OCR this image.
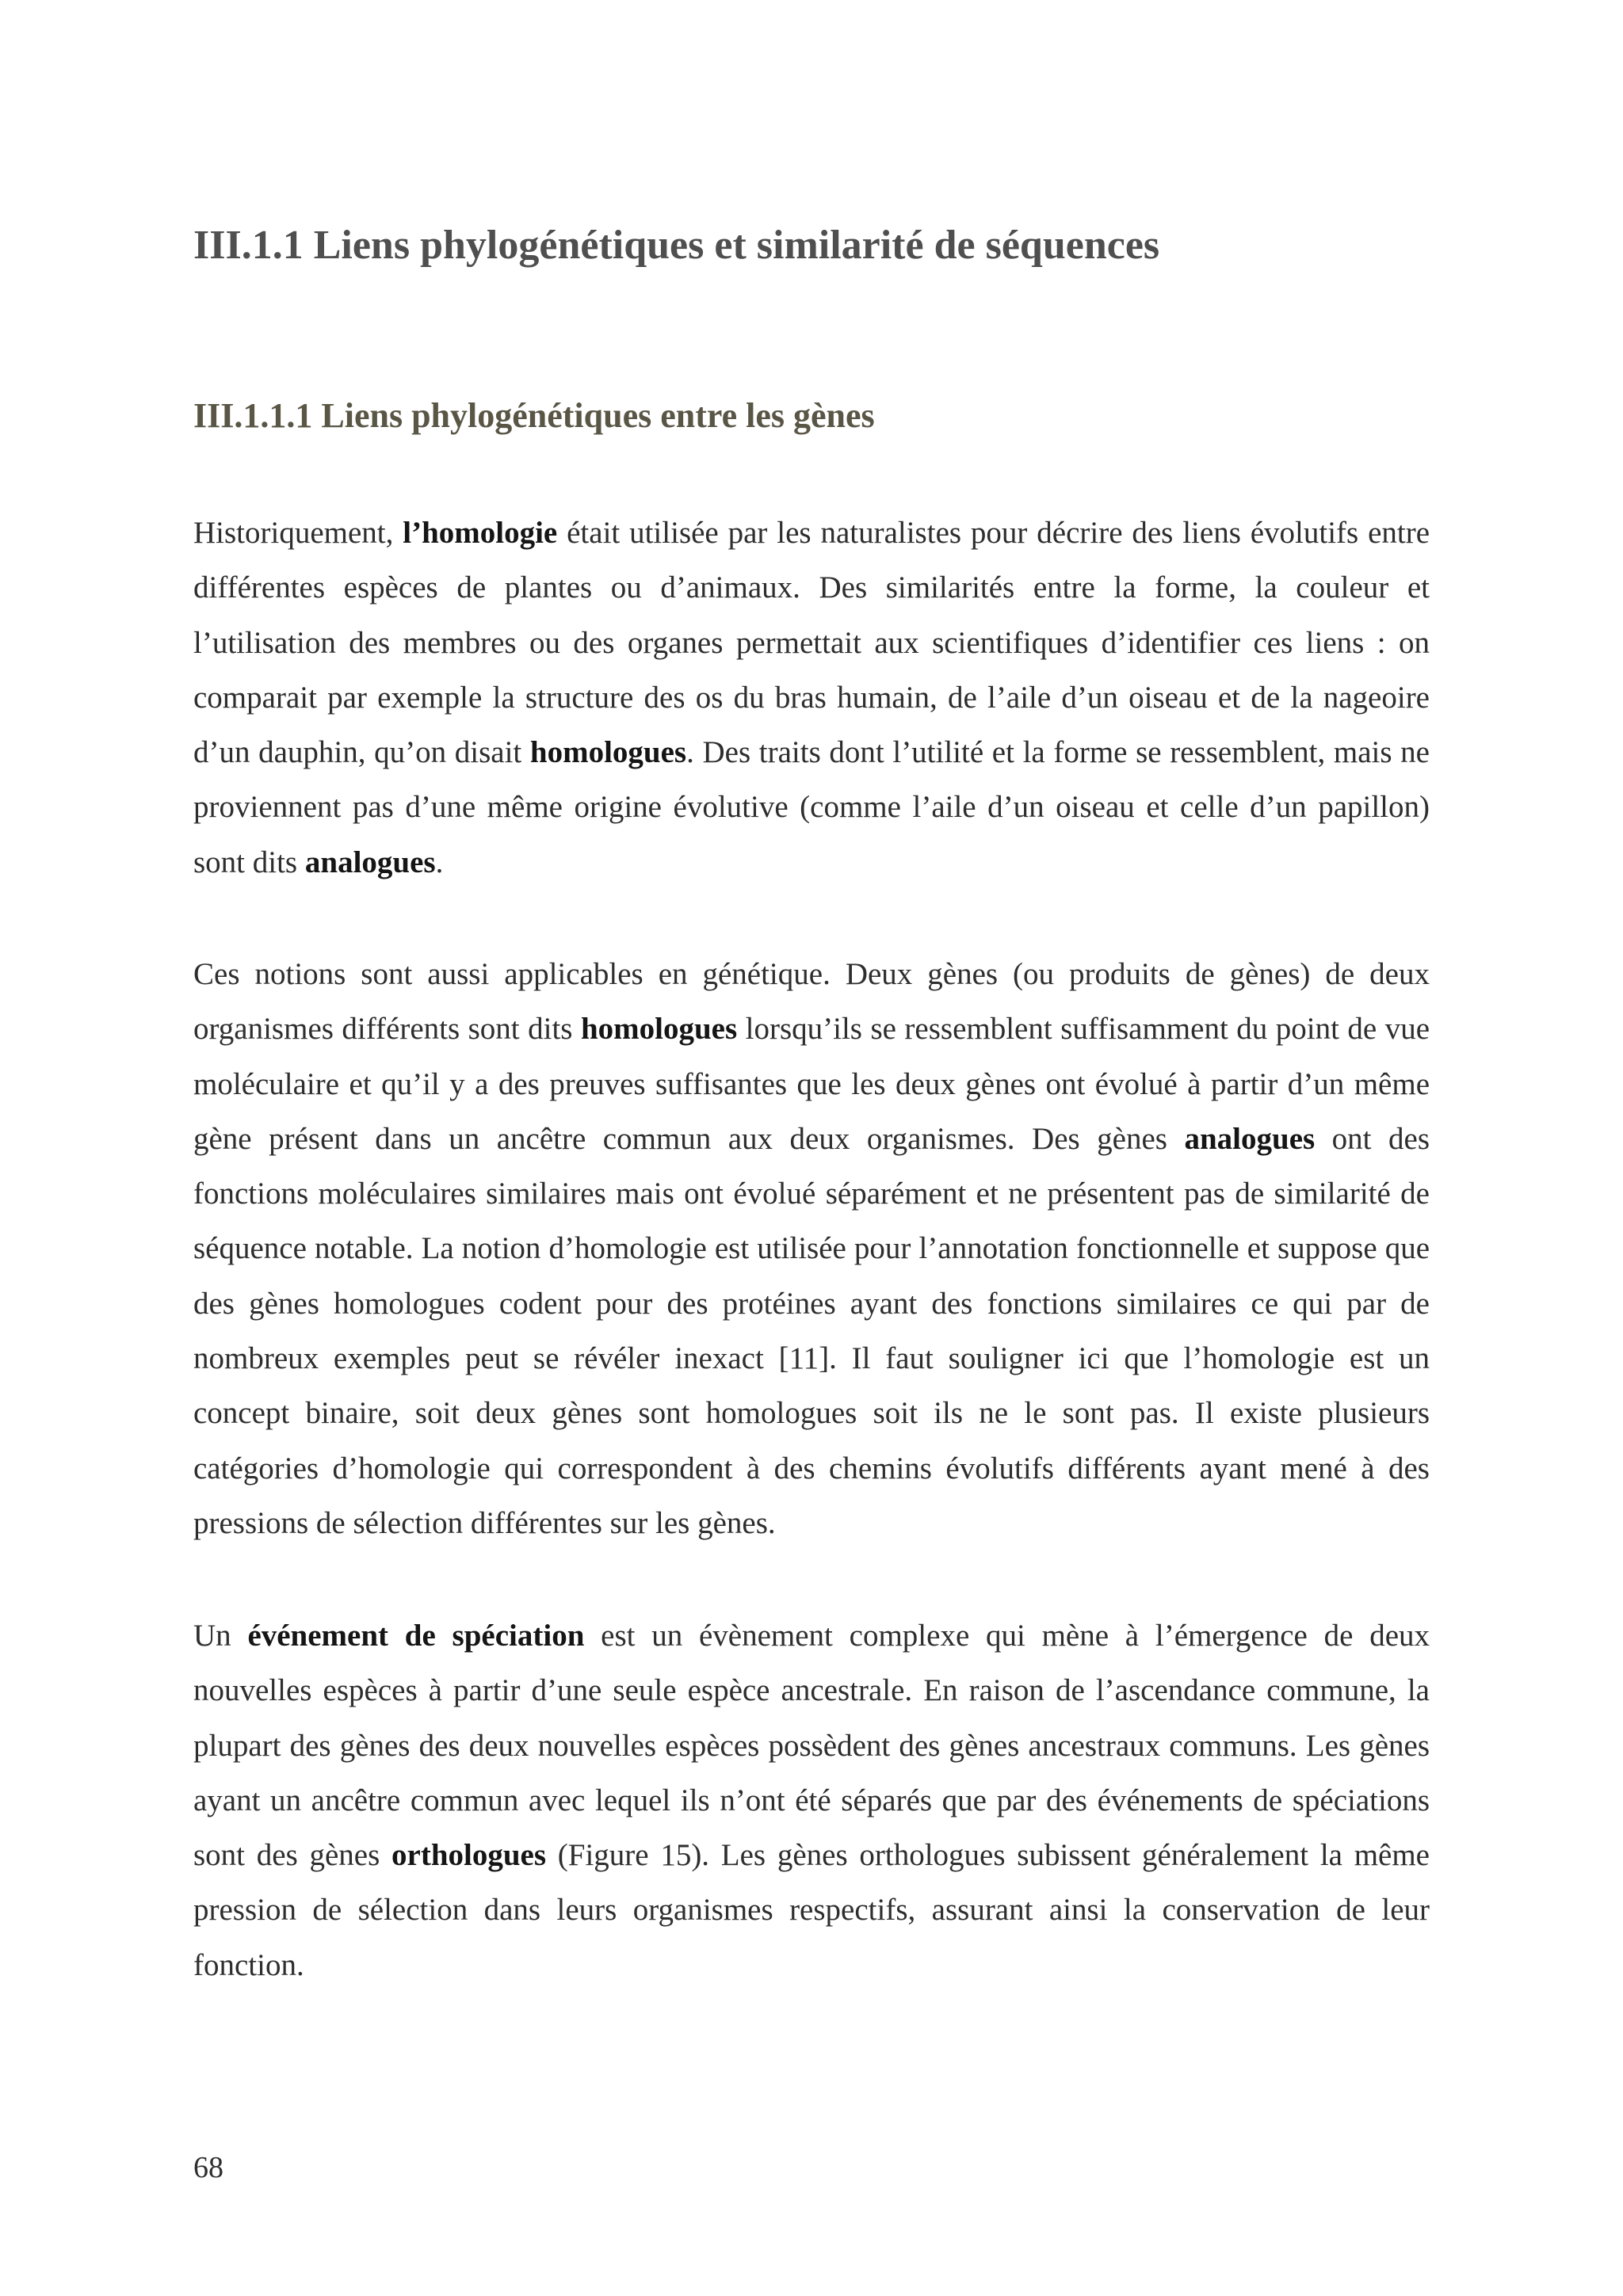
III.1.1 Liens phylogénétiques et similarité de séquences
III.1.1.1 Liens phylogénétiques entre les gènes

Historiquement, l’homologie était utilisée par les naturalistes pour décrire des liens évolutifs entre différentes espèces de plantes ou d’animaux. Des similarités entre la forme, la couleur et l’utilisation des membres ou des organes permettait aux scientifiques d’identifier ces liens : on comparait par exemple la structure des os du bras humain, de l’aile d’un oiseau et de la nageoire d’un dauphin, qu’on disait homologues. Des traits dont l’utilité et la forme se ressemblent, mais ne proviennent pas d’une même origine évolutive (comme l’aile d’un oiseau et celle d’un papillon) sont dits analogues.

Ces notions sont aussi applicables en génétique. Deux gènes (ou produits de gènes) de deux organismes différents sont dits homologues lorsqu’ils se ressemblent suffisamment du point de vue moléculaire et qu’il y a des preuves suffisantes que les deux gènes ont évolué à partir d’un même gène présent dans un ancêtre commun aux deux organismes. Des gènes analogues ont des fonctions moléculaires similaires mais ont évolué séparément et ne présentent pas de similarité de séquence notable. La notion d’homologie est utilisée pour l’annotation fonctionnelle et suppose que des gènes homologues codent pour des protéines ayant des fonctions similaires ce qui par de nombreux exemples peut se révéler inexact [11]. Il faut souligner ici que l’homologie est un concept binaire, soit deux gènes sont homologues soit ils ne le sont pas. Il existe plusieurs catégories d’homologie qui correspondent à des chemins évolutifs différents ayant mené à des pressions de sélection différentes sur les gènes.

Un événement de spéciation est un évènement complexe qui mène à l’émergence de deux nouvelles espèces à partir d’une seule espèce ancestrale. En raison de l’ascendance commune, la plupart des gènes des deux nouvelles espèces possèdent des gènes ancestraux communs. Les gènes ayant un ancêtre commun avec lequel ils n’ont été séparés que par des événements de spéciations sont des gènes orthologues (Figure 15). Les gènes orthologues subissent généralement la même pression de sélection dans leurs organismes respectifs, assurant ainsi la conservation de leur fonction.

68
